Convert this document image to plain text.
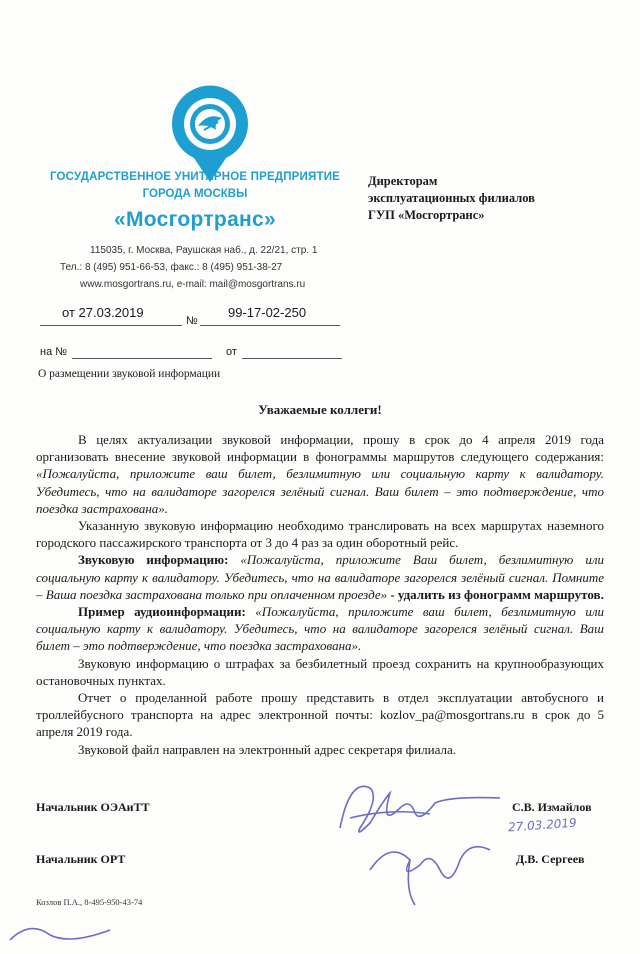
ГОСУДАРСТВЕННОЕ УНИТАРНОЕ ПРЕДПРИЯТИЕ
ГОРОДА МОСКВЫ
«Мосгортранс»
115035, г. Москва, Раушская наб., д. 22/21, стр. 1
Тел.: 8 (495) 951-66-53, факс.: 8 (495) 951-38-27
www.mosgortrans.ru, e-mail: mail@mosgortrans.ru
от 27.03.2019
№
99-17-02-250
на №	от
О размещении звуковой информации
Директорам
эксплуатационных филиалов
ГУП «Мосгортранс»
Уважаемые коллеги!

В целях актуализации звуковой информации, прошу в срок до 4 апреля 2019 года организовать внесение звуковой информации в фонограммы маршрутов следующего содержания: «Пожалуйста, приложите ваш билет, безлимитную или социальную карту к валидатору. Убедитесь, что на валидаторе загорелся зелёный сигнал. Ваш билет – это подтверждение, что поездка застрахована».

Указанную звуковую информацию необходимо транслировать на всех маршрутах наземного городского пассажирского транспорта от 3 до 4 раз за один оборотный рейс.

Звуковую информацию: «Пожалуйста, приложите Ваш билет, безлимитную или социальную карту к валидатору. Убедитесь, что на валидаторе загорелся зелёный сигнал. Помните – Ваша поездка застрахована только при оплаченном проезде» - удалить из фонограмм маршрутов.

Пример аудиоинформации: «Пожалуйста, приложите ваш билет, безлимитную или социальную карту к валидатору. Убедитесь, что на валидаторе загорелся зелёный сигнал. Ваш билет – это подтверждение, что поездка застрахована».

Звуковую информацию о штрафах за безбилетный проезд сохранить на крупнообразующих остановочных пунктах.

Отчет о проделанной работе прошу представить в отдел эксплуатации автобусного и троллейбусного транспорта на адрес электронной почты: kozlov_pa@mosgortrans.ru в срок до 5 апреля 2019 года.

Звуковой файл направлен на электронный адрес секретаря филиала.

27.03.2019
Начальник ОЭАиТТ	С.В. Измайлов
Начальник ОРТ	Д.В. Сергеев
Козлов П.А., 8-495-950-43-74
